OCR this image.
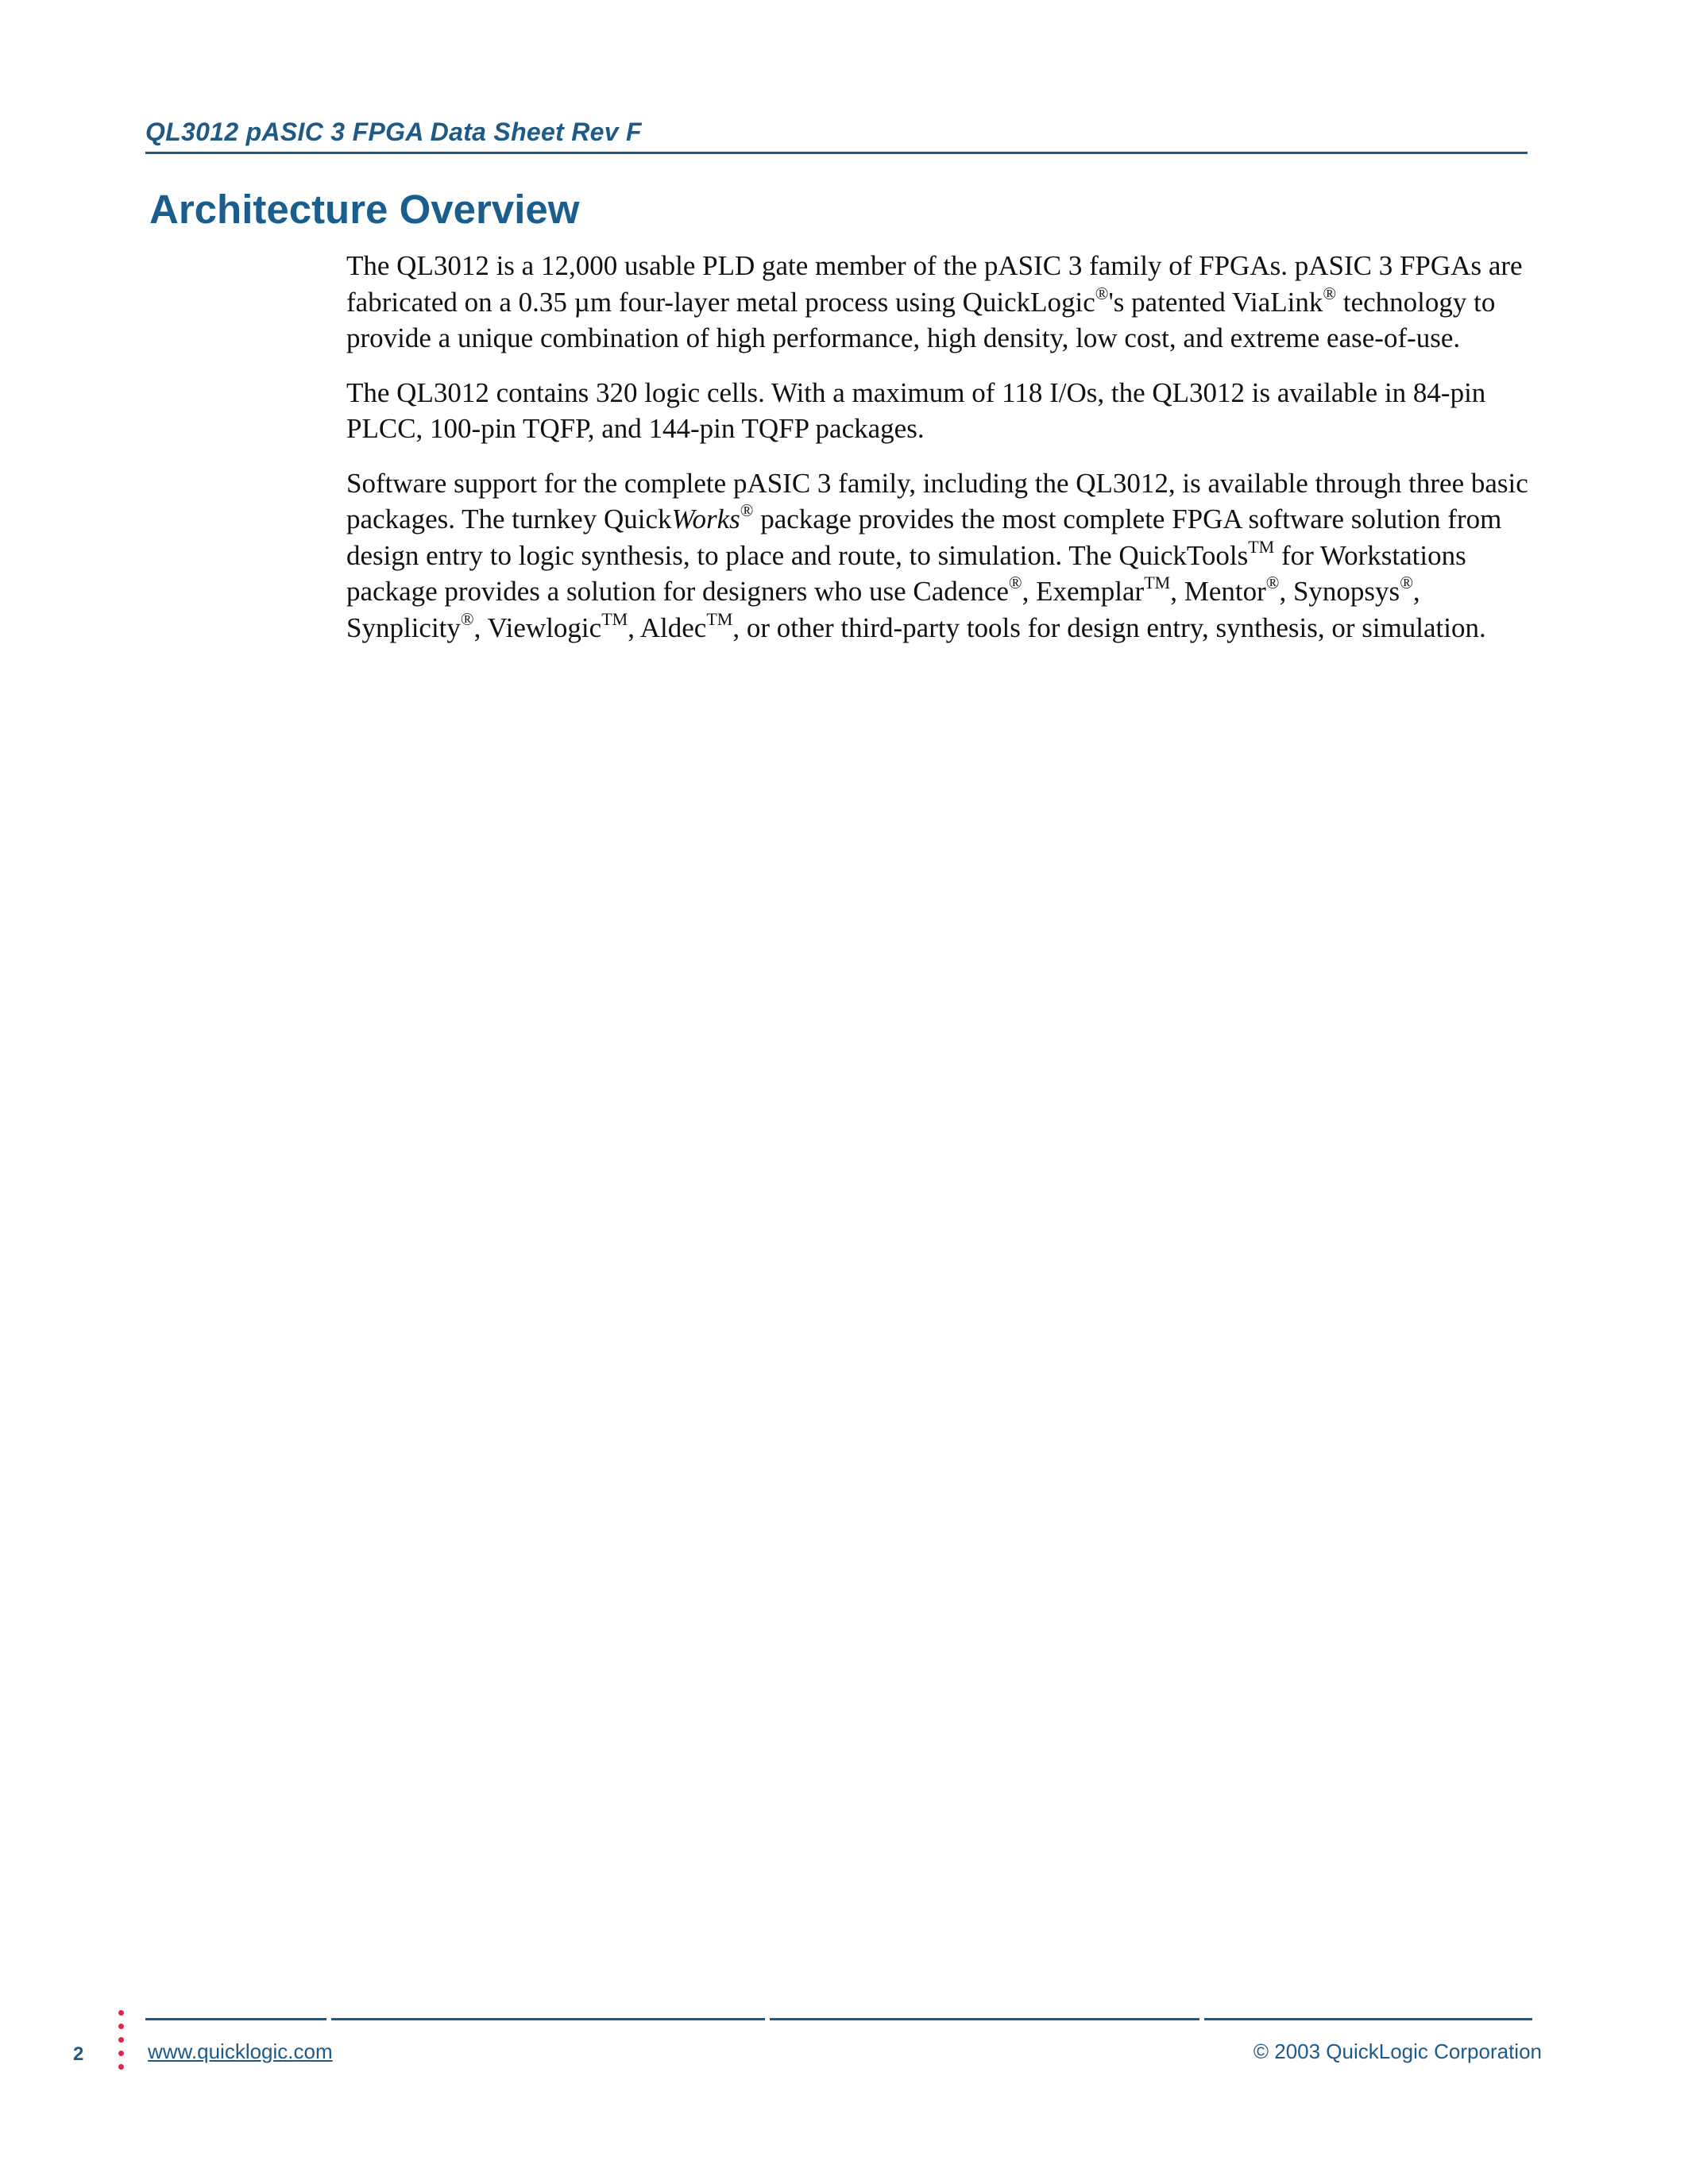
QL3012 pASIC 3 FPGA Data Sheet Rev F
Architecture Overview

The QL3012 is a 12,000 usable PLD gate member of the pASIC 3 family of FPGAs. pASIC 3 FPGAs are fabricated on a 0.35 µm four-layer metal process using QuickLogic®'s patented ViaLink® technology to provide a unique combination of high performance, high density, low cost, and extreme ease-of-use.

The QL3012 contains 320 logic cells. With a maximum of 118 I/Os, the QL3012 is available in 84-pin PLCC, 100-pin TQFP, and 144-pin TQFP packages.

Software support for the complete pASIC 3 family, including the QL3012, is available through three basic packages. The turnkey QuickWorks® package provides the most complete FPGA software solution from design entry to logic synthesis, to place and route, to simulation. The QuickTools™ for Workstations package provides a solution for designers who use Cadence®, Exemplar™, Mentor®, Synopsys®, Synplicity®, Viewlogic™, Aldec™, or other third-party tools for design entry, synthesis, or simulation.

2	www.quicklogic.com	© 2003 QuickLogic Corporation
